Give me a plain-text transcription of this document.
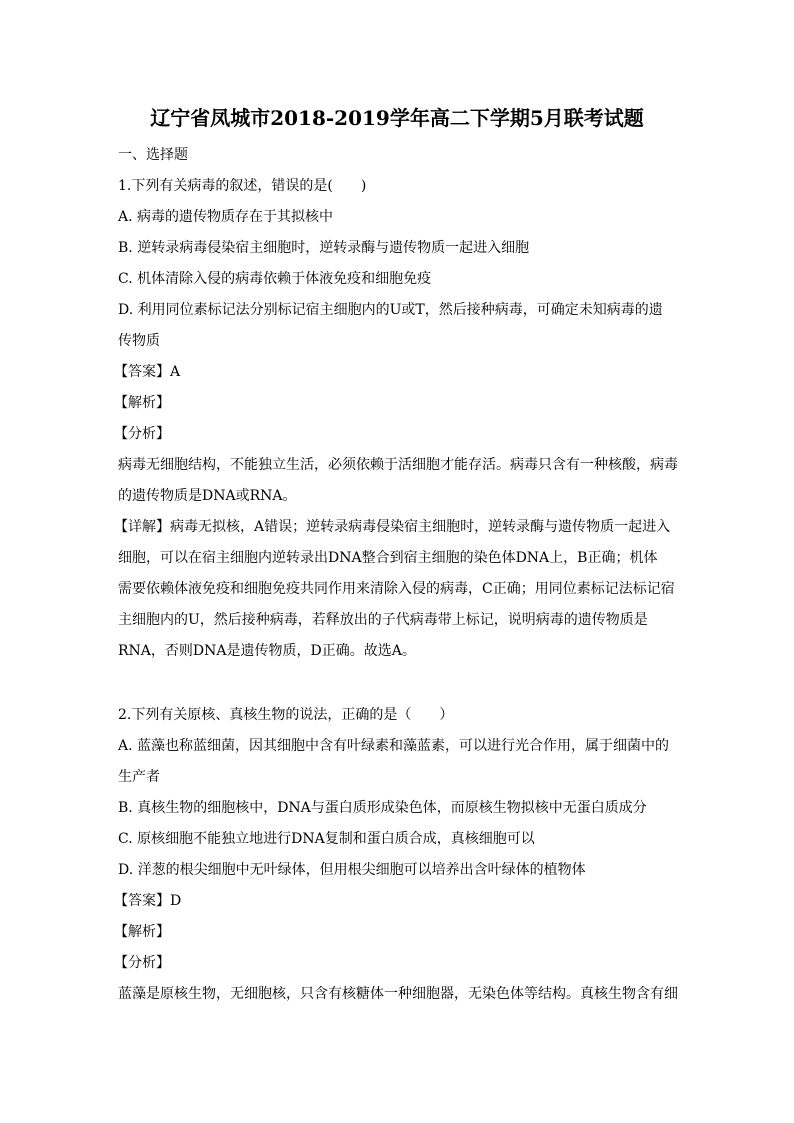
辽宁省凤城市2018-2019学年高二下学期5月联考试题
一、选择题
1.下列有关病毒的叙述，错误的是(　　)
A. 病毒的遗传物质存在于其拟核中
B. 逆转录病毒侵染宿主细胞时，逆转录酶与遗传物质一起进入细胞
C. 机体清除入侵的病毒依赖于体液免疫和细胞免疫
D. 利用同位素标记法分别标记宿主细胞内的U或T，然后接种病毒，可确定未知病毒的遗
传物质
【答案】A
【解析】
【分析】
病毒无细胞结构，不能独立生活，必须依赖于活细胞才能存活。病毒只含有一种核酸，病毒
的遗传物质是DNA或RNA。
【详解】病毒无拟核，A错误；逆转录病毒侵染宿主细胞时，逆转录酶与遗传物质一起进入
细胞，可以在宿主细胞内逆转录出DNA整合到宿主细胞的染色体DNA上，B正确；机体
需要依赖体液免疫和细胞免疫共同作用来清除入侵的病毒，C正确；用同位素标记法标记宿
主细胞内的U，然后接种病毒，若释放出的子代病毒带上标记，说明病毒的遗传物质是
RNA，否则DNA是遗传物质，D正确。故选A。
2.下列有关原核、真核生物的说法，正确的是（　　）
A. 蓝藻也称蓝细菌，因其细胞中含有叶绿素和藻蓝素，可以进行光合作用，属于细菌中的
生产者
B. 真核生物的细胞核中，DNA与蛋白质形成染色体，而原核生物拟核中无蛋白质成分
C. 原核细胞不能独立地进行DNA复制和蛋白质合成，真核细胞可以
D. 洋葱的根尖细胞中无叶绿体，但用根尖细胞可以培养出含叶绿体的植物体
【答案】D
【解析】
【分析】
蓝藻是原核生物，无细胞核，只含有核糖体一种细胞器，无染色体等结构。真核生物含有细
